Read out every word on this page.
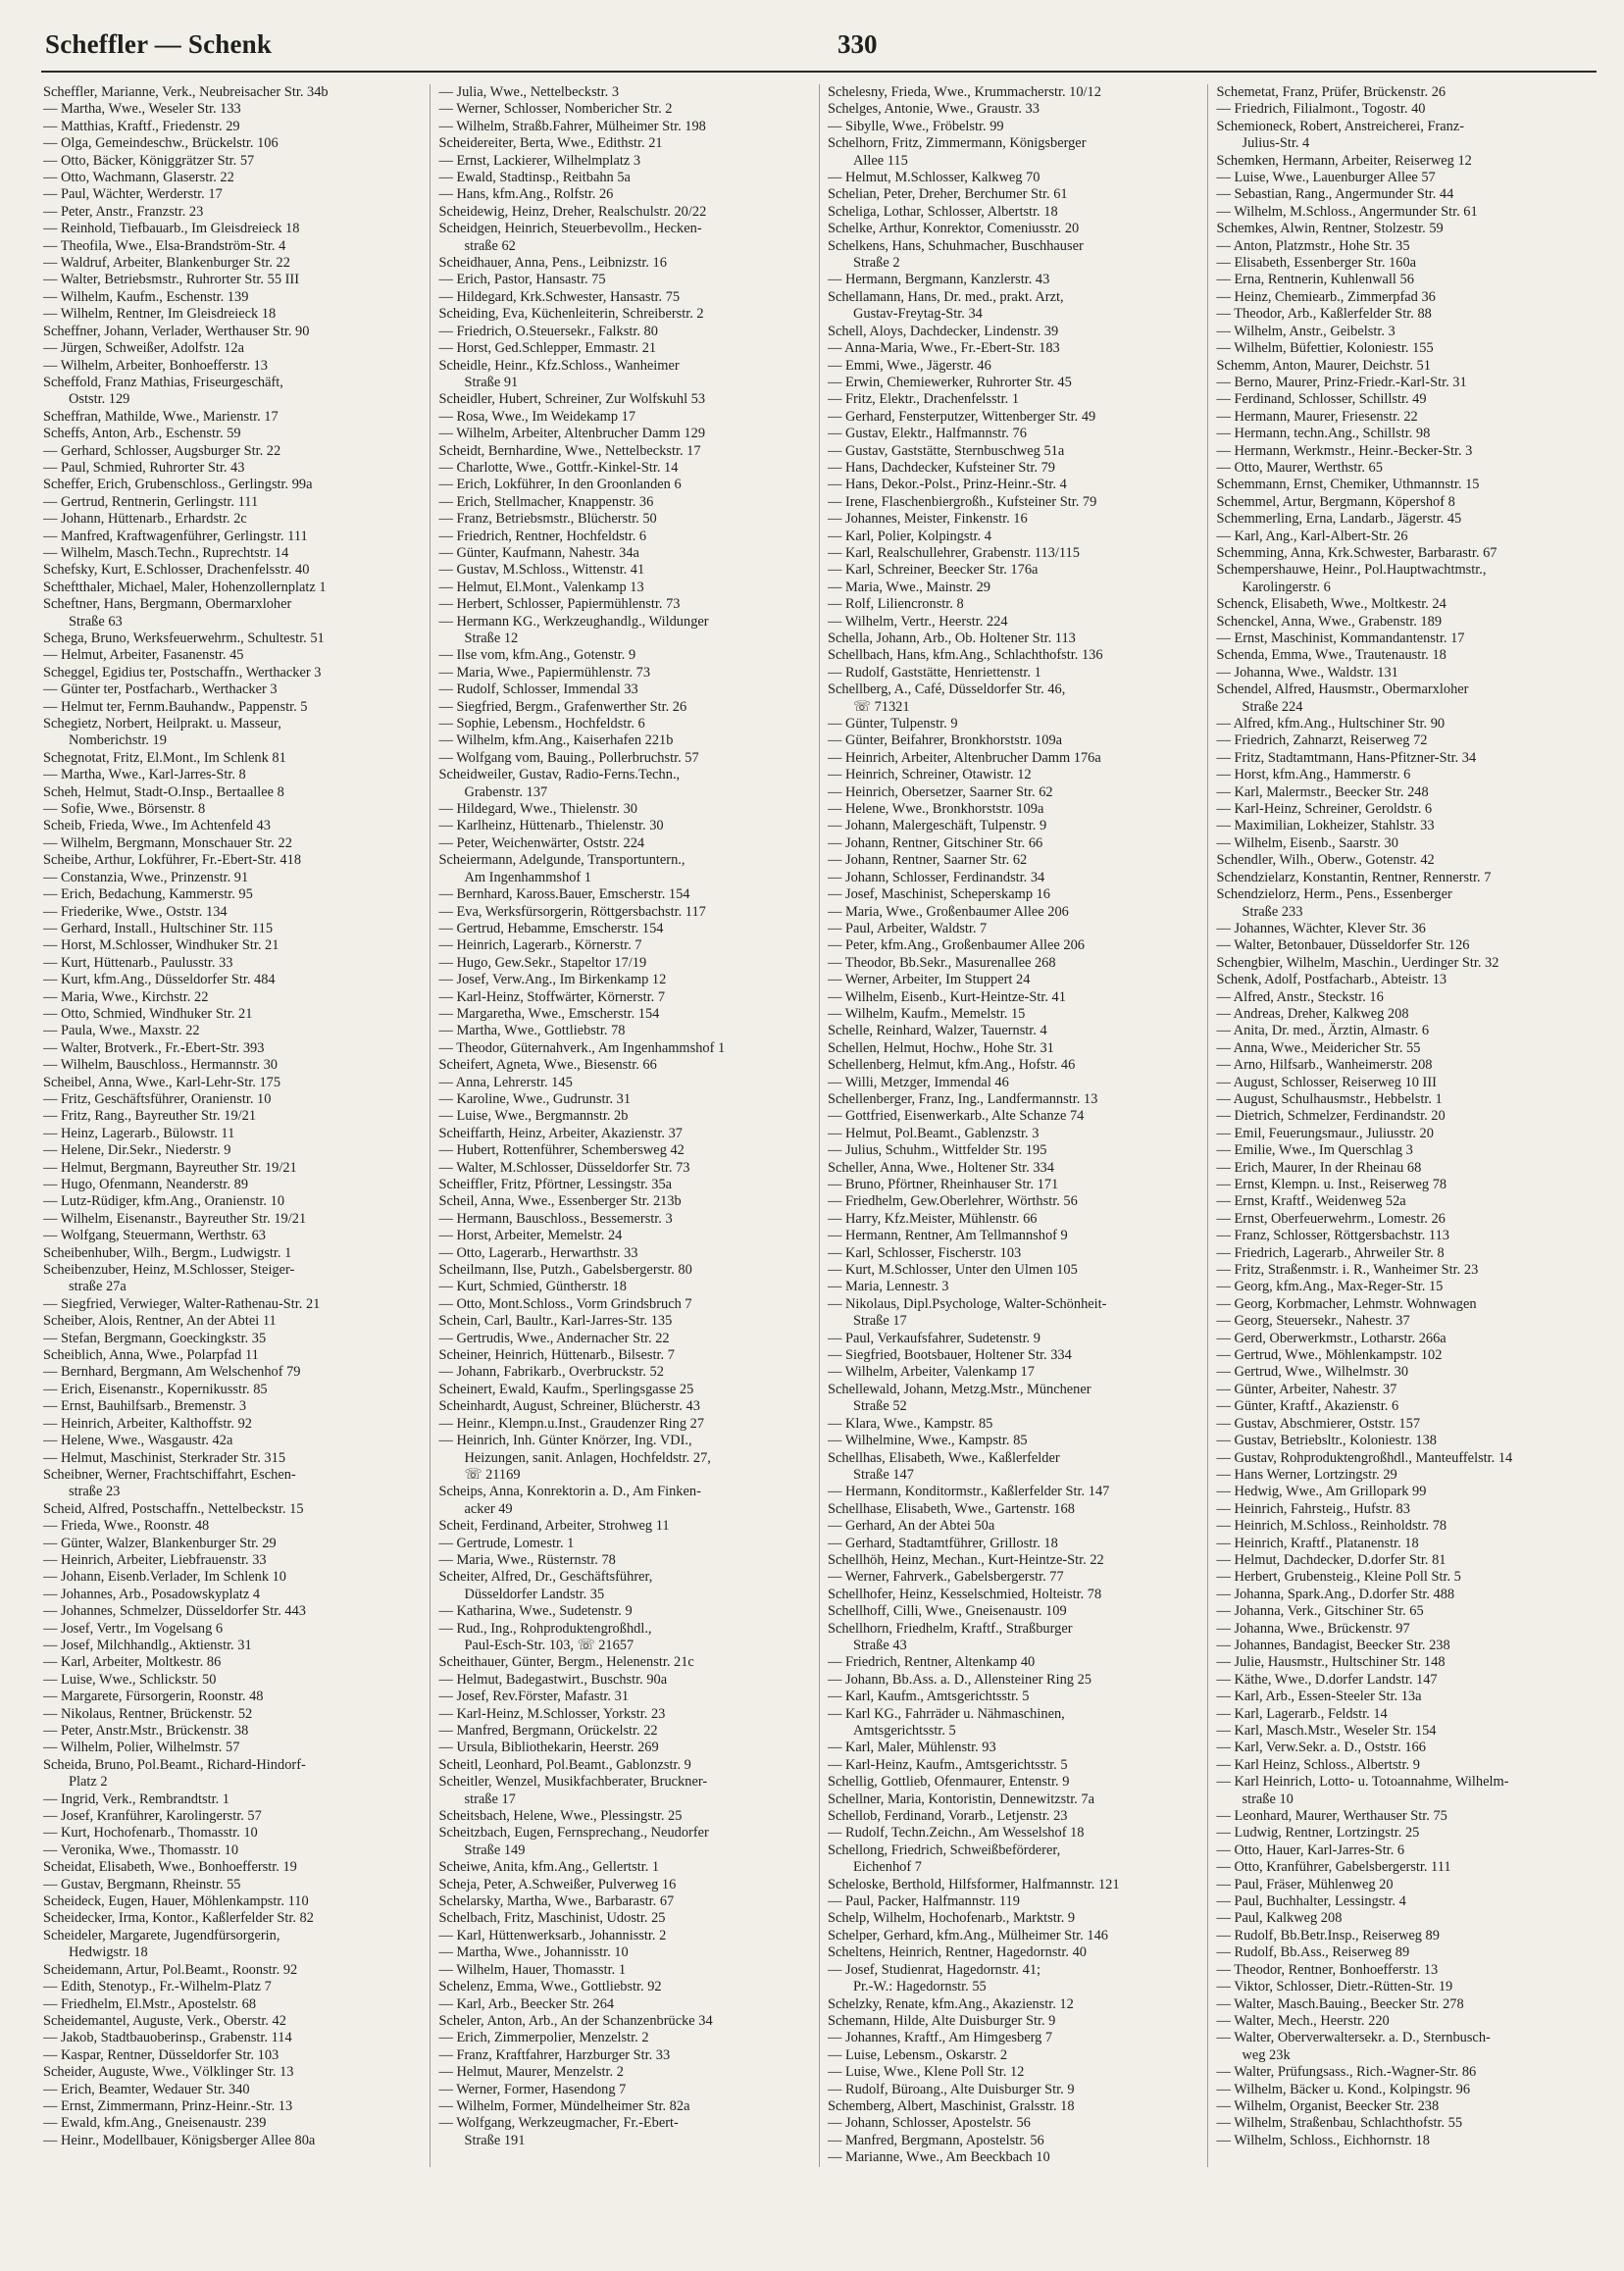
Scheffler — Schenk	330
Scheffler, Marianne, Verk., Neubreisacher Str. 34b
— Martha, Wwe., Weseler Str. 133
— Matthias, Kraftf., Friedenstr. 29
— Olga, Gemeindeschw., Brückelstr. 106
— Otto, Bäcker, Königgrätzer Str. 57
— Otto, Wachmann, Glaserstr. 22
— Paul, Wächter, Werderstr. 17
— Peter, Anstr., Franzstr. 23
— Reinhold, Tiefbauarb., Im Gleisdreieck 18
— Theofila, Wwe., Elsa-Brandström-Str. 4
— Waldruf, Arbeiter, Blankenburger Str. 22
— Walter, Betriebsmstr., Ruhrorter Str. 55 III
— Wilhelm, Kaufm., Eschenstr. 139
— Wilhelm, Rentner, Im Gleisdreieck 18
Scheffner, Johann, Verlader, Werthauser Str. 90
— Jürgen, Schweißer, Adolfstr. 12a
— Wilhelm, Arbeiter, Bonhoefferstr. 13
Scheffold, Franz Mathias, Friseurgeschäft,
Oststr. 129
Scheffran, Mathilde, Wwe., Marienstr. 17
Scheffs, Anton, Arb., Eschenstr. 59
— Gerhard, Schlosser, Augsburger Str. 22
— Paul, Schmied, Ruhrorter Str. 43
Scheffer, Erich, Grubenschloss., Gerlingstr. 99a
— Gertrud, Rentnerin, Gerlingstr. 111
— Johann, Hüttenarb., Erhardstr. 2c
— Manfred, Kraftwagenführer, Gerlingstr. 111
— Wilhelm, Masch.Techn., Ruprechtstr. 14
Schefsky, Kurt, E.Schlosser, Drachenfelsstr. 40
Scheftthaler, Michael, Maler, Hohenzollernplatz 1
Scheftner, Hans, Bergmann, Obermarxloher
Straße 63
Schega, Bruno, Werksfeuerwehrm., Schultestr. 51
— Helmut, Arbeiter, Fasanenstr. 45
Scheggel, Egidius ter, Postschaffn., Werthacker 3
— Günter ter, Postfacharb., Werthacker 3
— Helmut ter, Fernm.Bauhandw., Pappenstr. 5
Schegietz, Norbert, Heilprakt. u. Masseur,
Nomberichstr. 19
Schegnotat, Fritz, El.Mont., Im Schlenk 81
— Martha, Wwe., Karl-Jarres-Str. 8
Scheh, Helmut, Stadt-O.Insp., Bertaallee 8
— Sofie, Wwe., Börsenstr. 8
Scheib, Frieda, Wwe., Im Achtenfeld 43
— Wilhelm, Bergmann, Monschauer Str. 22
Scheibe, Arthur, Lokführer, Fr.-Ebert-Str. 418
— Constanzia, Wwe., Prinzenstr. 91
— Erich, Bedachung, Kammerstr. 95
— Friederike, Wwe., Oststr. 134
— Gerhard, Install., Hultschiner Str. 115
— Horst, M.Schlosser, Windhuker Str. 21
— Kurt, Hüttenarb., Paulusstr. 33
— Kurt, kfm.Ang., Düsseldorfer Str. 484
— Maria, Wwe., Kirchstr. 22
— Otto, Schmied, Windhuker Str. 21
— Paula, Wwe., Maxstr. 22
— Walter, Brotverk., Fr.-Ebert-Str. 393
— Wilhelm, Bauschloss., Hermannstr. 30
Scheibel, Anna, Wwe., Karl-Lehr-Str. 175
— Fritz, Geschäftsführer, Oranienstr. 10
— Fritz, Rang., Bayreuther Str. 19/21
— Heinz, Lagerarb., Bülowstr. 11
— Helene, Dir.Sekr., Niederstr. 9
— Helmut, Bergmann, Bayreuther Str. 19/21
— Hugo, Ofenmann, Neanderstr. 89
— Lutz-Rüdiger, kfm.Ang., Oranienstr. 10
— Wilhelm, Eisenanstr., Bayreuther Str. 19/21
— Wolfgang, Steuermann, Werthstr. 63
Scheibenhuber, Wilh., Bergm., Ludwigstr. 1
Scheibenzuber, Heinz, M.Schlosser, Steiger-
straße 27a
— Siegfried, Verwieger, Walter-Rathenau-Str. 21
Scheiber, Alois, Rentner, An der Abtei 11
— Stefan, Bergmann, Goeckingkstr. 35
Scheiblich, Anna, Wwe., Polarpfad 11
— Bernhard, Bergmann, Am Welschenhof 79
— Erich, Eisenanstr., Kopernikusstr. 85
— Ernst, Bauhilfsarb., Bremenstr. 3
— Heinrich, Arbeiter, Kalthoffstr. 92
— Helene, Wwe., Wasgaustr. 42a
— Helmut, Maschinist, Sterkrader Str. 315
Scheibner, Werner, Frachtschiffahrt, Eschen-
straße 23
Scheid, Alfred, Postschaffn., Nettelbeckstr. 15
— Frieda, Wwe., Roonstr. 48
— Günter, Walzer, Blankenburger Str. 29
— Heinrich, Arbeiter, Liebfrauenstr. 33
— Johann, Eisenb.Verlader, Im Schlenk 10
— Johannes, Arb., Posadowskyplatz 4
— Johannes, Schmelzer, Düsseldorfer Str. 443
— Josef, Vertr., Im Vogelsang 6
— Josef, Milchhandlg., Aktienstr. 31
— Karl, Arbeiter, Moltkestr. 86
— Luise, Wwe., Schlickstr. 50
— Margarete, Fürsorgerin, Roonstr. 48
— Nikolaus, Rentner, Brückenstr. 52
— Peter, Anstr.Mstr., Brückenstr. 38
— Wilhelm, Polier, Wilhelmstr. 57
Scheida, Bruno, Pol.Beamt., Richard-Hindorf-
Platz 2
— Ingrid, Verk., Rembrandtstr. 1
— Josef, Kranführer, Karolingerstr. 57
— Kurt, Hochofenarb., Thomasstr. 10
— Veronika, Wwe., Thomasstr. 10
Scheidat, Elisabeth, Wwe., Bonhoefferstr. 19
— Gustav, Bergmann, Rheinstr. 55
Scheideck, Eugen, Hauer, Möhlenkampstr. 110
Scheidecker, Irma, Kontor., Kaßlerfelder Str. 82
Scheideler, Margarete, Jugendfürsorgerin,
Hedwigstr. 18
Scheidemann, Artur, Pol.Beamt., Roonstr. 92
— Edith, Stenotyp., Fr.-Wilhelm-Platz 7
— Friedhelm, El.Mstr., Apostelstr. 68
Scheidemantel, Auguste, Verk., Oberstr. 42
— Jakob, Stadtbauoberinsp., Grabenstr. 114
— Kaspar, Rentner, Düsseldorfer Str. 103
Scheider, Auguste, Wwe., Völklinger Str. 13
— Erich, Beamter, Wedauer Str. 340
— Ernst, Zimmermann, Prinz-Heinr.-Str. 13
— Ewald, kfm.Ang., Gneisenaustr. 239
— Heinr., Modellbauer, Königsberger Allee 80a
— Julia, Wwe., Nettelbeckstr. 3
— Werner, Schlosser, Nombericher Str. 2
— Wilhelm, Straßb.Fahrer, Mülheimer Str. 198
Scheidereiter, Berta, Wwe., Edithstr. 21
— Ernst, Lackierer, Wilhelmplatz 3
— Ewald, Stadtinsp., Reitbahn 5a
— Hans, kfm.Ang., Rolfstr. 26
Scheidewig, Heinz, Dreher, Realschulstr. 20/22
Scheidgen, Heinrich, Steuerbevollm., Hecken-
straße 62
Scheidhauer, Anna, Pens., Leibnizstr. 16
— Erich, Pastor, Hansastr. 75
— Hildegard, Krk.Schwester, Hansastr. 75
Scheiding, Eva, Küchenleiterin, Schreiberstr. 2
— Friedrich, O.Steuersekr., Falkstr. 80
— Horst, Ged.Schlepper, Emmastr. 21
Scheidle, Heinr., Kfz.Schloss., Wanheimer
Straße 91
Scheidler, Hubert, Schreiner, Zur Wolfskuhl 53
— Rosa, Wwe., Im Weidekamp 17
— Wilhelm, Arbeiter, Altenbrucher Damm 129
Scheidt, Bernhardine, Wwe., Nettelbeckstr. 17
— Charlotte, Wwe., Gottfr.-Kinkel-Str. 14
— Erich, Lokführer, In den Groonlanden 6
— Erich, Stellmacher, Knappenstr. 36
— Franz, Betriebsmstr., Blücherstr. 50
— Friedrich, Rentner, Hochfeldstr. 6
— Günter, Kaufmann, Nahestr. 34a
— Gustav, M.Schloss., Wittenstr. 41
— Helmut, El.Mont., Valenkamp 13
— Herbert, Schlosser, Papiermühlenstr. 73
— Hermann KG., Werkzeughandlg., Wildunger
Straße 12
— Ilse vom, kfm.Ang., Gotenstr. 9
— Maria, Wwe., Papiermühlenstr. 73
— Rudolf, Schlosser, Immendal 33
— Siegfried, Bergm., Grafenwerther Str. 26
— Sophie, Lebensm., Hochfeldstr. 6
— Wilhelm, kfm.Ang., Kaiserhafen 221b
— Wolfgang vom, Bauing., Pollerbruchstr. 57
Scheidweiler, Gustav, Radio-Ferns.Techn.,
Grabenstr. 137
— Hildegard, Wwe., Thielenstr. 30
— Karlheinz, Hüttenarb., Thielenstr. 30
— Peter, Weichenwärter, Oststr. 224
Scheiermann, Adelgunde, Transportuntern.,
Am Ingenhammshof 1
— Bernhard, Kaross.Bauer, Emscherstr. 154
— Eva, Werksfürsorgerin, Röttgersbachstr. 117
— Gertrud, Hebamme, Emscherstr. 154
— Heinrich, Lagerarb., Körnerstr. 7
— Hugo, Gew.Sekr., Stapeltor 17/19
— Josef, Verw.Ang., Im Birkenkamp 12
— Karl-Heinz, Stoffwärter, Körnerstr. 7
— Margaretha, Wwe., Emscherstr. 154
— Martha, Wwe., Gottliebstr. 78
— Theodor, Güternahverk., Am Ingenhammshof 1
Scheifert, Agneta, Wwe., Biesenstr. 66
— Anna, Lehrerstr. 145
— Karoline, Wwe., Gudrunstr. 31
— Luise, Wwe., Bergmannstr. 2b
Scheiffarth, Heinz, Arbeiter, Akazienstr. 37
— Hubert, Rottenführer, Schembersweg 42
— Walter, M.Schlosser, Düsseldorfer Str. 73
Scheiffler, Fritz, Pförtner, Lessingstr. 35a
Scheil, Anna, Wwe., Essenberger Str. 213b
— Hermann, Bauschloss., Bessemerstr. 3
— Horst, Arbeiter, Memelstr. 24
— Otto, Lagerarb., Herwarthstr. 33
Scheilmann, Ilse, Putzh., Gabelsbergerstr. 80
— Kurt, Schmied, Güntherstr. 18
— Otto, Mont.Schloss., Vorm Grindsbruch 7
Schein, Carl, Baultr., Karl-Jarres-Str. 135
— Gertrudis, Wwe., Andernacher Str. 22
Scheiner, Heinrich, Hüttenarb., Bilsestr. 7
— Johann, Fabrikarb., Overbruckstr. 52
Scheinert, Ewald, Kaufm., Sperlingsgasse 25
Scheinhardt, August, Schreiner, Blücherstr. 43
— Heinr., Klempn.u.Inst., Graudenzer Ring 27
— Heinrich, Inh. Günter Knörzer, Ing. VDI.,
Heizungen, sanit. Anlagen, Hochfeldstr. 27,
☏ 21169
Scheips, Anna, Konrektorin a. D., Am Finken-
acker 49
Scheit, Ferdinand, Arbeiter, Strohweg 11
— Gertrude, Lomestr. 1
— Maria, Wwe., Rüsternstr. 78
Scheiter, Alfred, Dr., Geschäftsführer,
Düsseldorfer Landstr. 35
— Katharina, Wwe., Sudetenstr. 9
— Rud., Ing., Rohproduktengroßhdl.,
Paul-Esch-Str. 103, ☏ 21657
Scheithauer, Günter, Bergm., Helenenstr. 21c
— Helmut, Badegastwirt., Buschstr. 90a
— Josef, Rev.Förster, Mafastr. 31
— Karl-Heinz, M.Schlosser, Yorkstr. 23
— Manfred, Bergmann, Orückelstr. 22
— Ursula, Bibliothekarin, Heerstr. 269
Scheitl, Leonhard, Pol.Beamt., Gablonzstr. 9
Scheitler, Wenzel, Musikfachberater, Bruckner-
straße 17
Scheitsbach, Helene, Wwe., Plessingstr. 25
Scheitzbach, Eugen, Fernsprechang., Neudorfer
Straße 149
Scheiwe, Anita, kfm.Ang., Gellertstr. 1
Scheja, Peter, A.Schweißer, Pulverweg 16
Schelarsky, Martha, Wwe., Barbarastr. 67
Schelbach, Fritz, Maschinist, Udostr. 25
— Karl, Hüttenwerksarb., Johannisstr. 2
— Martha, Wwe., Johannisstr. 10
— Wilhelm, Hauer, Thomasstr. 1
Schelenz, Emma, Wwe., Gottliebstr. 92
— Karl, Arb., Beecker Str. 264
Scheler, Anton, Arb., An der Schanzenbrücke 34
— Erich, Zimmerpolier, Menzelstr. 2
— Franz, Kraftfahrer, Harzburger Str. 33
— Helmut, Maurer, Menzelstr. 2
— Werner, Former, Hasendong 7
— Wilhelm, Former, Mündelheimer Str. 82a
— Wolfgang, Werkzeugmacher, Fr.-Ebert-
Straße 191
Schelesny, Frieda, Wwe., Krummacherstr. 10/12
Schelges, Antonie, Wwe., Graustr. 33
— Sibylle, Wwe., Fröbelstr. 99
Schelhorn, Fritz, Zimmermann, Königsberger
Allee 115
— Helmut, M.Schlosser, Kalkweg 70
Schelian, Peter, Dreher, Berchumer Str. 61
Scheliga, Lothar, Schlosser, Albertstr. 18
Schelke, Arthur, Konrektor, Comeniusstr. 20
Schelkens, Hans, Schuhmacher, Buschhauser
Straße 2
— Hermann, Bergmann, Kanzlerstr. 43
Schellamann, Hans, Dr. med., prakt. Arzt,
Gustav-Freytag-Str. 34
Schell, Aloys, Dachdecker, Lindenstr. 39
— Anna-Maria, Wwe., Fr.-Ebert-Str. 183
— Emmi, Wwe., Jägerstr. 46
— Erwin, Chemiewerker, Ruhrorter Str. 45
— Fritz, Elektr., Drachenfelsstr. 1
— Gerhard, Fensterputzer, Wittenberger Str. 49
— Gustav, Elektr., Halfmannstr. 76
— Gustav, Gaststätte, Sternbuschweg 51a
— Hans, Dachdecker, Kufsteiner Str. 79
— Hans, Dekor.-Polst., Prinz-Heinr.-Str. 4
— Irene, Flaschenbiergroßh., Kufsteiner Str. 79
— Johannes, Meister, Finkenstr. 16
— Karl, Polier, Kolpingstr. 4
— Karl, Realschullehrer, Grabenstr. 113/115
— Karl, Schreiner, Beecker Str. 176a
— Maria, Wwe., Mainstr. 29
— Rolf, Liliencronstr. 8
— Wilhelm, Vertr., Heerstr. 224
Schella, Johann, Arb., Ob. Holtener Str. 113
Schellbach, Hans, kfm.Ang., Schlachthofstr. 136
— Rudolf, Gaststätte, Henriettenstr. 1
Schellberg, A., Café, Düsseldorfer Str. 46,
☏ 71321
— Günter, Tulpenstr. 9
— Günter, Beifahrer, Bronkhorststr. 109a
— Heinrich, Arbeiter, Altenbrucher Damm 176a
— Heinrich, Schreiner, Otawistr. 12
— Heinrich, Obersetzer, Saarner Str. 62
— Helene, Wwe., Bronkhorststr. 109a
— Johann, Malergeschäft, Tulpenstr. 9
— Johann, Rentner, Gitschiner Str. 66
— Johann, Rentner, Saarner Str. 62
— Johann, Schlosser, Ferdinandstr. 34
— Josef, Maschinist, Scheperskamp 16
— Maria, Wwe., Großenbaumer Allee 206
— Paul, Arbeiter, Waldstr. 7
— Peter, kfm.Ang., Großenbaumer Allee 206
— Theodor, Bb.Sekr., Masurenallee 268
— Werner, Arbeiter, Im Stuppert 24
— Wilhelm, Eisenb., Kurt-Heintze-Str. 41
— Wilhelm, Kaufm., Memelstr. 15
Schelle, Reinhard, Walzer, Tauernstr. 4
Schellen, Helmut, Hochw., Hohe Str. 31
Schellenberg, Helmut, kfm.Ang., Hofstr. 46
— Willi, Metzger, Immendal 46
Schellenberger, Franz, Ing., Landfermannstr. 13
— Gottfried, Eisenwerkarb., Alte Schanze 74
— Helmut, Pol.Beamt., Gablenzstr. 3
— Julius, Schuhm., Wittfelder Str. 195
Scheller, Anna, Wwe., Holtener Str. 334
— Bruno, Pförtner, Rheinhauser Str. 171
— Friedhelm, Gew.Oberlehrer, Wörthstr. 56
— Harry, Kfz.Meister, Mühlenstr. 66
— Hermann, Rentner, Am Tellmannshof 9
— Karl, Schlosser, Fischerstr. 103
— Kurt, M.Schlosser, Unter den Ulmen 105
— Maria, Lennestr. 3
— Nikolaus, Dipl.Psychologe, Walter-Schönheit-
Straße 17
— Paul, Verkaufsfahrer, Sudetenstr. 9
— Siegfried, Bootsbauer, Holtener Str. 334
— Wilhelm, Arbeiter, Valenkamp 17
Schellewald, Johann, Metzg.Mstr., Münchener
Straße 52
— Klara, Wwe., Kampstr. 85
— Wilhelmine, Wwe., Kampstr. 85
Schellhas, Elisabeth, Wwe., Kaßlerfelder
Straße 147
— Hermann, Konditormstr., Kaßlerfelder Str. 147
Schellhase, Elisabeth, Wwe., Gartenstr. 168
— Gerhard, An der Abtei 50a
— Gerhard, Stadtamtführer, Grillostr. 18
Schellhöh, Heinz, Mechan., Kurt-Heintze-Str. 22
— Werner, Fahrverk., Gabelsbergerstr. 77
Schellhofer, Heinz, Kesselschmied, Holteistr. 78
Schellhoff, Cilli, Wwe., Gneisenaustr. 109
Schellhorn, Friedhelm, Kraftf., Straßburger
Straße 43
— Friedrich, Rentner, Altenkamp 40
— Johann, Bb.Ass. a. D., Allensteiner Ring 25
— Karl, Kaufm., Amtsgerichtsstr. 5
— Karl KG., Fahrräder u. Nähmaschinen,
Amtsgerichtsstr. 5
— Karl, Maler, Mühlenstr. 93
— Karl-Heinz, Kaufm., Amtsgerichtsstr. 5
Schellig, Gottlieb, Ofenmaurer, Entenstr. 9
Schellner, Maria, Kontoristin, Dennewitzstr. 7a
Schellob, Ferdinand, Vorarb., Letjenstr. 23
— Rudolf, Techn.Zeichn., Am Wesselshof 18
Schellong, Friedrich, Schweißbeförderer,
Eichenhof 7
Scheloske, Berthold, Hilfsformer, Halfmannstr. 121
— Paul, Packer, Halfmannstr. 119
Schelp, Wilhelm, Hochofenarb., Marktstr. 9
Schelper, Gerhard, kfm.Ang., Mülheimer Str. 146
Scheltens, Heinrich, Rentner, Hagedornstr. 40
— Josef, Studienrat, Hagedornstr. 41;
Pr.-W.: Hagedornstr. 55
Schelzky, Renate, kfm.Ang., Akazienstr. 12
Schemann, Hilde, Alte Duisburger Str. 9
— Johannes, Kraftf., Am Himgesberg 7
— Luise, Lebensm., Oskarstr. 2
— Luise, Wwe., Klene Poll Str. 12
— Rudolf, Büroang., Alte Duisburger Str. 9
Schemberg, Albert, Maschinist, Gralsstr. 18
— Johann, Schlosser, Apostelstr. 56
— Manfred, Bergmann, Apostelstr. 56
— Marianne, Wwe., Am Beeckbach 10
Schemetat, Franz, Prüfer, Brückenstr. 26
— Friedrich, Filialmont., Togostr. 40
Schemioneck, Robert, Anstreicherei, Franz-
Julius-Str. 4
Schemken, Hermann, Arbeiter, Reiserweg 12
— Luise, Wwe., Lauenburger Allee 57
— Sebastian, Rang., Angermunder Str. 44
— Wilhelm, M.Schloss., Angermunder Str. 61
Schemkes, Alwin, Rentner, Stolzestr. 59
— Anton, Platzmstr., Hohe Str. 35
— Elisabeth, Essenberger Str. 160a
— Erna, Rentnerin, Kuhlenwall 56
— Heinz, Chemiearb., Zimmerpfad 36
— Theodor, Arb., Kaßlerfelder Str. 88
— Wilhelm, Anstr., Geibelstr. 3
— Wilhelm, Büfettier, Koloniestr. 155
Schemm, Anton, Maurer, Deichstr. 51
— Berno, Maurer, Prinz-Friedr.-Karl-Str. 31
— Ferdinand, Schlosser, Schillstr. 49
— Hermann, Maurer, Friesenstr. 22
— Hermann, techn.Ang., Schillstr. 98
— Hermann, Werkmstr., Heinr.-Becker-Str. 3
— Otto, Maurer, Werthstr. 65
Schemmann, Ernst, Chemiker, Uthmannstr. 15
Schemmel, Artur, Bergmann, Köpershof 8
Schemmerling, Erna, Landarb., Jägerstr. 45
— Karl, Ang., Karl-Albert-Str. 26
Schemming, Anna, Krk.Schwester, Barbarastr. 67
Schempershauwe, Heinr., Pol.Hauptwachtmstr.,
Karolingerstr. 6
Schenck, Elisabeth, Wwe., Moltkestr. 24
Schenckel, Anna, Wwe., Grabenstr. 189
— Ernst, Maschinist, Kommandantenstr. 17
Schenda, Emma, Wwe., Trautenaustr. 18
— Johanna, Wwe., Waldstr. 131
Schendel, Alfred, Hausmstr., Obermarxloher
Straße 224
— Alfred, kfm.Ang., Hultschiner Str. 90
— Friedrich, Zahnarzt, Reiserweg 72
— Fritz, Stadtamtmann, Hans-Pfitzner-Str. 34
— Horst, kfm.Ang., Hammerstr. 6
— Karl, Malermstr., Beecker Str. 248
— Karl-Heinz, Schreiner, Geroldstr. 6
— Maximilian, Lokheizer, Stahlstr. 33
— Wilhelm, Eisenb., Saarstr. 30
Schendler, Wilh., Oberw., Gotenstr. 42
Schendzielarz, Konstantin, Rentner, Rennerstr. 7
Schendzielorz, Herm., Pens., Essenberger
Straße 233
— Johannes, Wächter, Klever Str. 36
— Walter, Betonbauer, Düsseldorfer Str. 126
Schengbier, Wilhelm, Maschin., Uerdinger Str. 32
Schenk, Adolf, Postfacharb., Abteistr. 13
— Alfred, Anstr., Steckstr. 16
— Andreas, Dreher, Kalkweg 208
— Anita, Dr. med., Ärztin, Almastr. 6
— Anna, Wwe., Meidericher Str. 55
— Arno, Hilfsarb., Wanheimerstr. 208
— August, Schlosser, Reiserweg 10 III
— August, Schulhausmstr., Hebbelstr. 1
— Dietrich, Schmelzer, Ferdinandstr. 20
— Emil, Feuerungsmaur., Juliusstr. 20
— Emilie, Wwe., Im Querschlag 3
— Erich, Maurer, In der Rheinau 68
— Ernst, Klempn. u. Inst., Reiserweg 78
— Ernst, Kraftf., Weidenweg 52a
— Ernst, Oberfeuerwehrm., Lomestr. 26
— Franz, Schlosser, Röttgersbachstr. 113
— Friedrich, Lagerarb., Ahrweiler Str. 8
— Fritz, Straßenmstr. i. R., Wanheimer Str. 23
— Georg, kfm.Ang., Max-Reger-Str. 15
— Georg, Korbmacher, Lehmstr. Wohnwagen
— Georg, Steuersekr., Nahestr. 37
— Gerd, Oberwerkmstr., Lotharstr. 266a
— Gertrud, Wwe., Möhlenkampstr. 102
— Gertrud, Wwe., Wilhelmstr. 30
— Günter, Arbeiter, Nahestr. 37
— Günter, Kraftf., Akazienstr. 6
— Gustav, Abschmierer, Oststr. 157
— Gustav, Betriebsltr., Koloniestr. 138
— Gustav, Rohproduktengroßhdl., Manteuffelstr. 14
— Hans Werner, Lortzingstr. 29
— Hedwig, Wwe., Am Grillopark 99
— Heinrich, Fahrsteig., Hufstr. 83
— Heinrich, M.Schloss., Reinholdstr. 78
— Heinrich, Kraftf., Platanenstr. 18
— Helmut, Dachdecker, D.dorfer Str. 81
— Herbert, Grubensteig., Kleine Poll Str. 5
— Johanna, Spark.Ang., D.dorfer Str. 488
— Johanna, Verk., Gitschiner Str. 65
— Johanna, Wwe., Brückenstr. 97
— Johannes, Bandagist, Beecker Str. 238
— Julie, Hausmstr., Hultschiner Str. 148
— Käthe, Wwe., D.dorfer Landstr. 147
— Karl, Arb., Essen-Steeler Str. 13a
— Karl, Lagerarb., Feldstr. 14
— Karl, Masch.Mstr., Weseler Str. 154
— Karl, Verw.Sekr. a. D., Oststr. 166
— Karl Heinz, Schloss., Albertstr. 9
— Karl Heinrich, Lotto- u. Totoannahme, Wilhelm-
straße 10
— Leonhard, Maurer, Werthauser Str. 75
— Ludwig, Rentner, Lortzingstr. 25
— Otto, Hauer, Karl-Jarres-Str. 6
— Otto, Kranführer, Gabelsbergerstr. 111
— Paul, Fräser, Mühlenweg 20
— Paul, Buchhalter, Lessingstr. 4
— Paul, Kalkweg 208
— Rudolf, Bb.Betr.Insp., Reiserweg 89
— Rudolf, Bb.Ass., Reiserweg 89
— Theodor, Rentner, Bonhoefferstr. 13
— Viktor, Schlosser, Dietr.-Rütten-Str. 19
— Walter, Masch.Bauing., Beecker Str. 278
— Walter, Mech., Heerstr. 220
— Walter, Oberverwaltersekr. a. D., Sternbusch-
weg 23k
— Walter, Prüfungsass., Rich.-Wagner-Str. 86
— Wilhelm, Bäcker u. Kond., Kolpingstr. 96
— Wilhelm, Organist, Beecker Str. 238
— Wilhelm, Straßenbau, Schlachthofstr. 55
— Wilhelm, Schloss., Eichhornstr. 18
